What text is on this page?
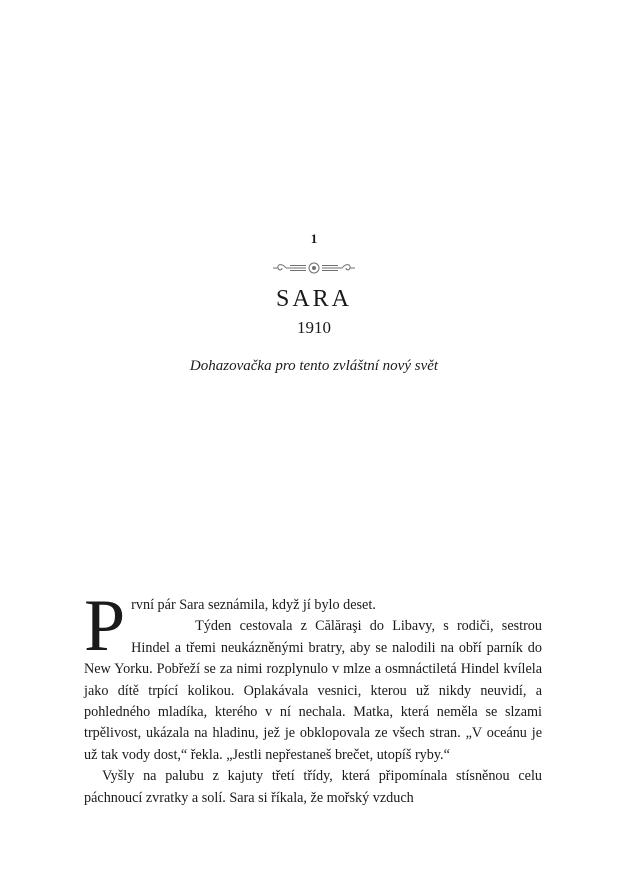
1
SARA
1910
Dohazovačka pro tento zvláštní nový svět
P rvní pár Sara seznámila, když jí bylo deset.

Týden cestovala z Călăraşi do Libavy, s rodiči, sestrou Hindel a třemi neukázněnými bratry, aby se nalodili na obří parník do New Yorku. Pobřeží se za nimi rozplynulo v mlze a osmnáctiletá Hindel kvílela jako dítě trpící kolikou. Oplakávala vesnici, kterou už nikdy neuvidí, a pohledného mladíka, kterého v ní nechala. Matka, která neměla se slzami trpělivost, ukázala na hladinu, jež je obklopovala ze všech stran. „V oceánu je už tak vody dost,“ řekla. „Jestli nepřestaneš brečet, utopíš ryby.“

Vyšly na palubu z kajuty třetí třídy, která připomínala stísněnou celu páchnoucí zvratky a solí. Sara si říkala, že mořský vzduch
